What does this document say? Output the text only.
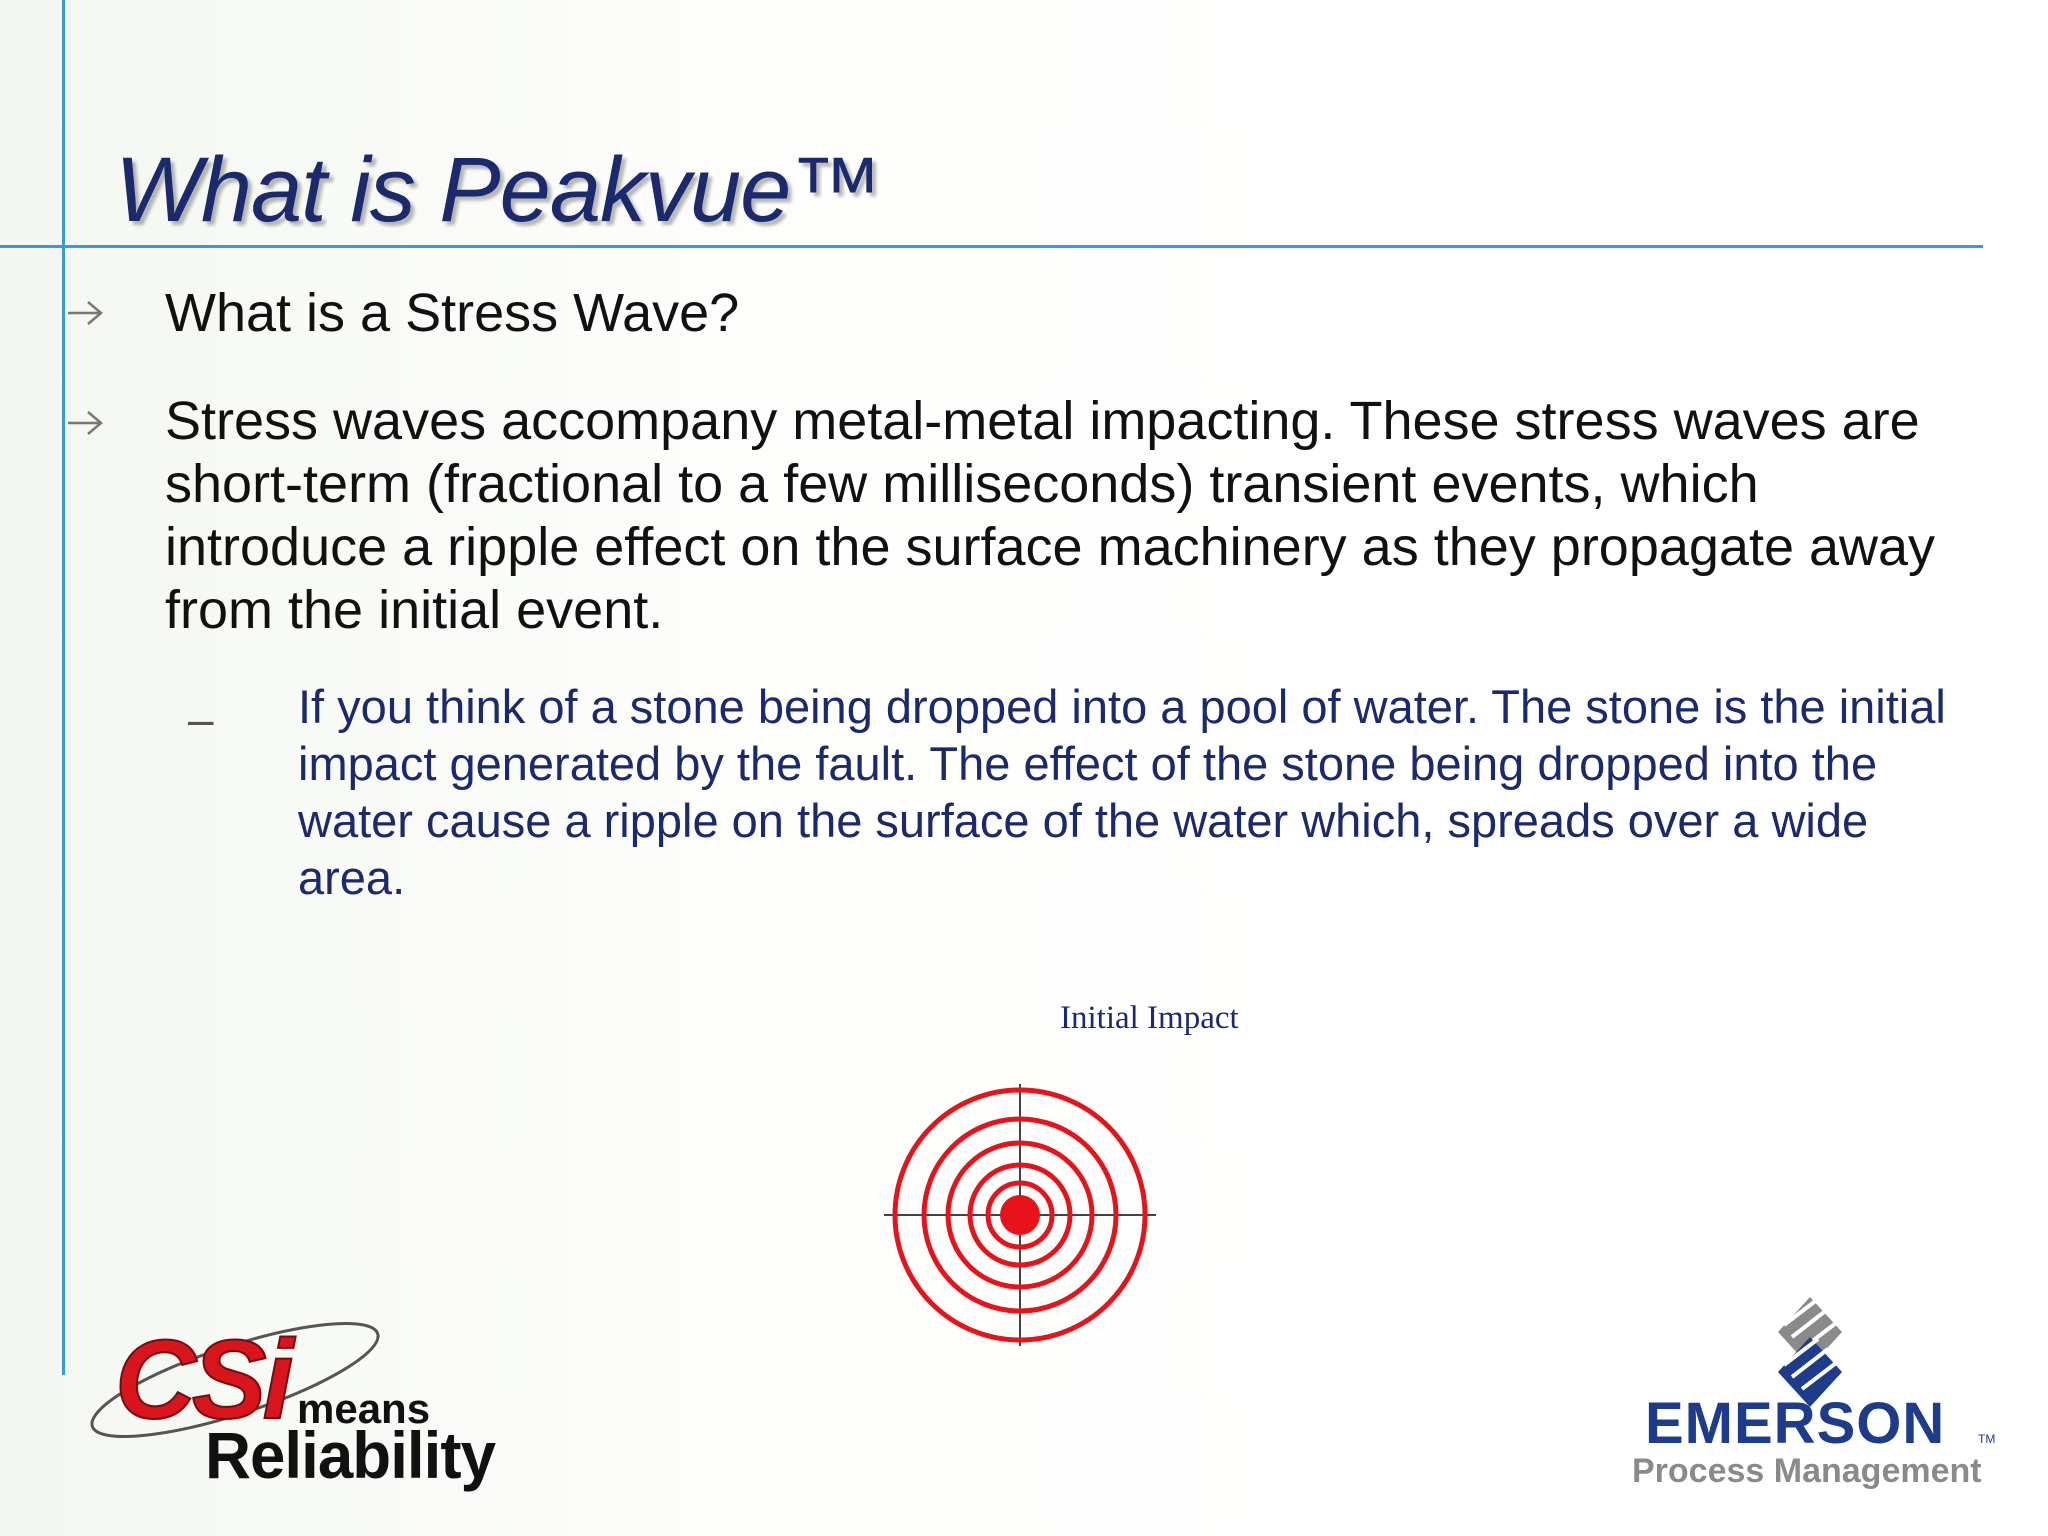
What is Peakvue™
What is a Stress Wave?
Stress waves accompany metal-metal impacting. These stress waves are short-term (fractional to a few milliseconds) transient events, which introduce a ripple effect on the surface machinery as they propagate away from the initial event.
– If you think of a stone being dropped into a pool of water. The stone is the initial impact generated by the fault. The effect of the stone being dropped into the water cause a ripple on the surface of the water which, spreads over a wide area.
Initial Impact
CSi means
Reliability	EMERSON	TM
Process Management
